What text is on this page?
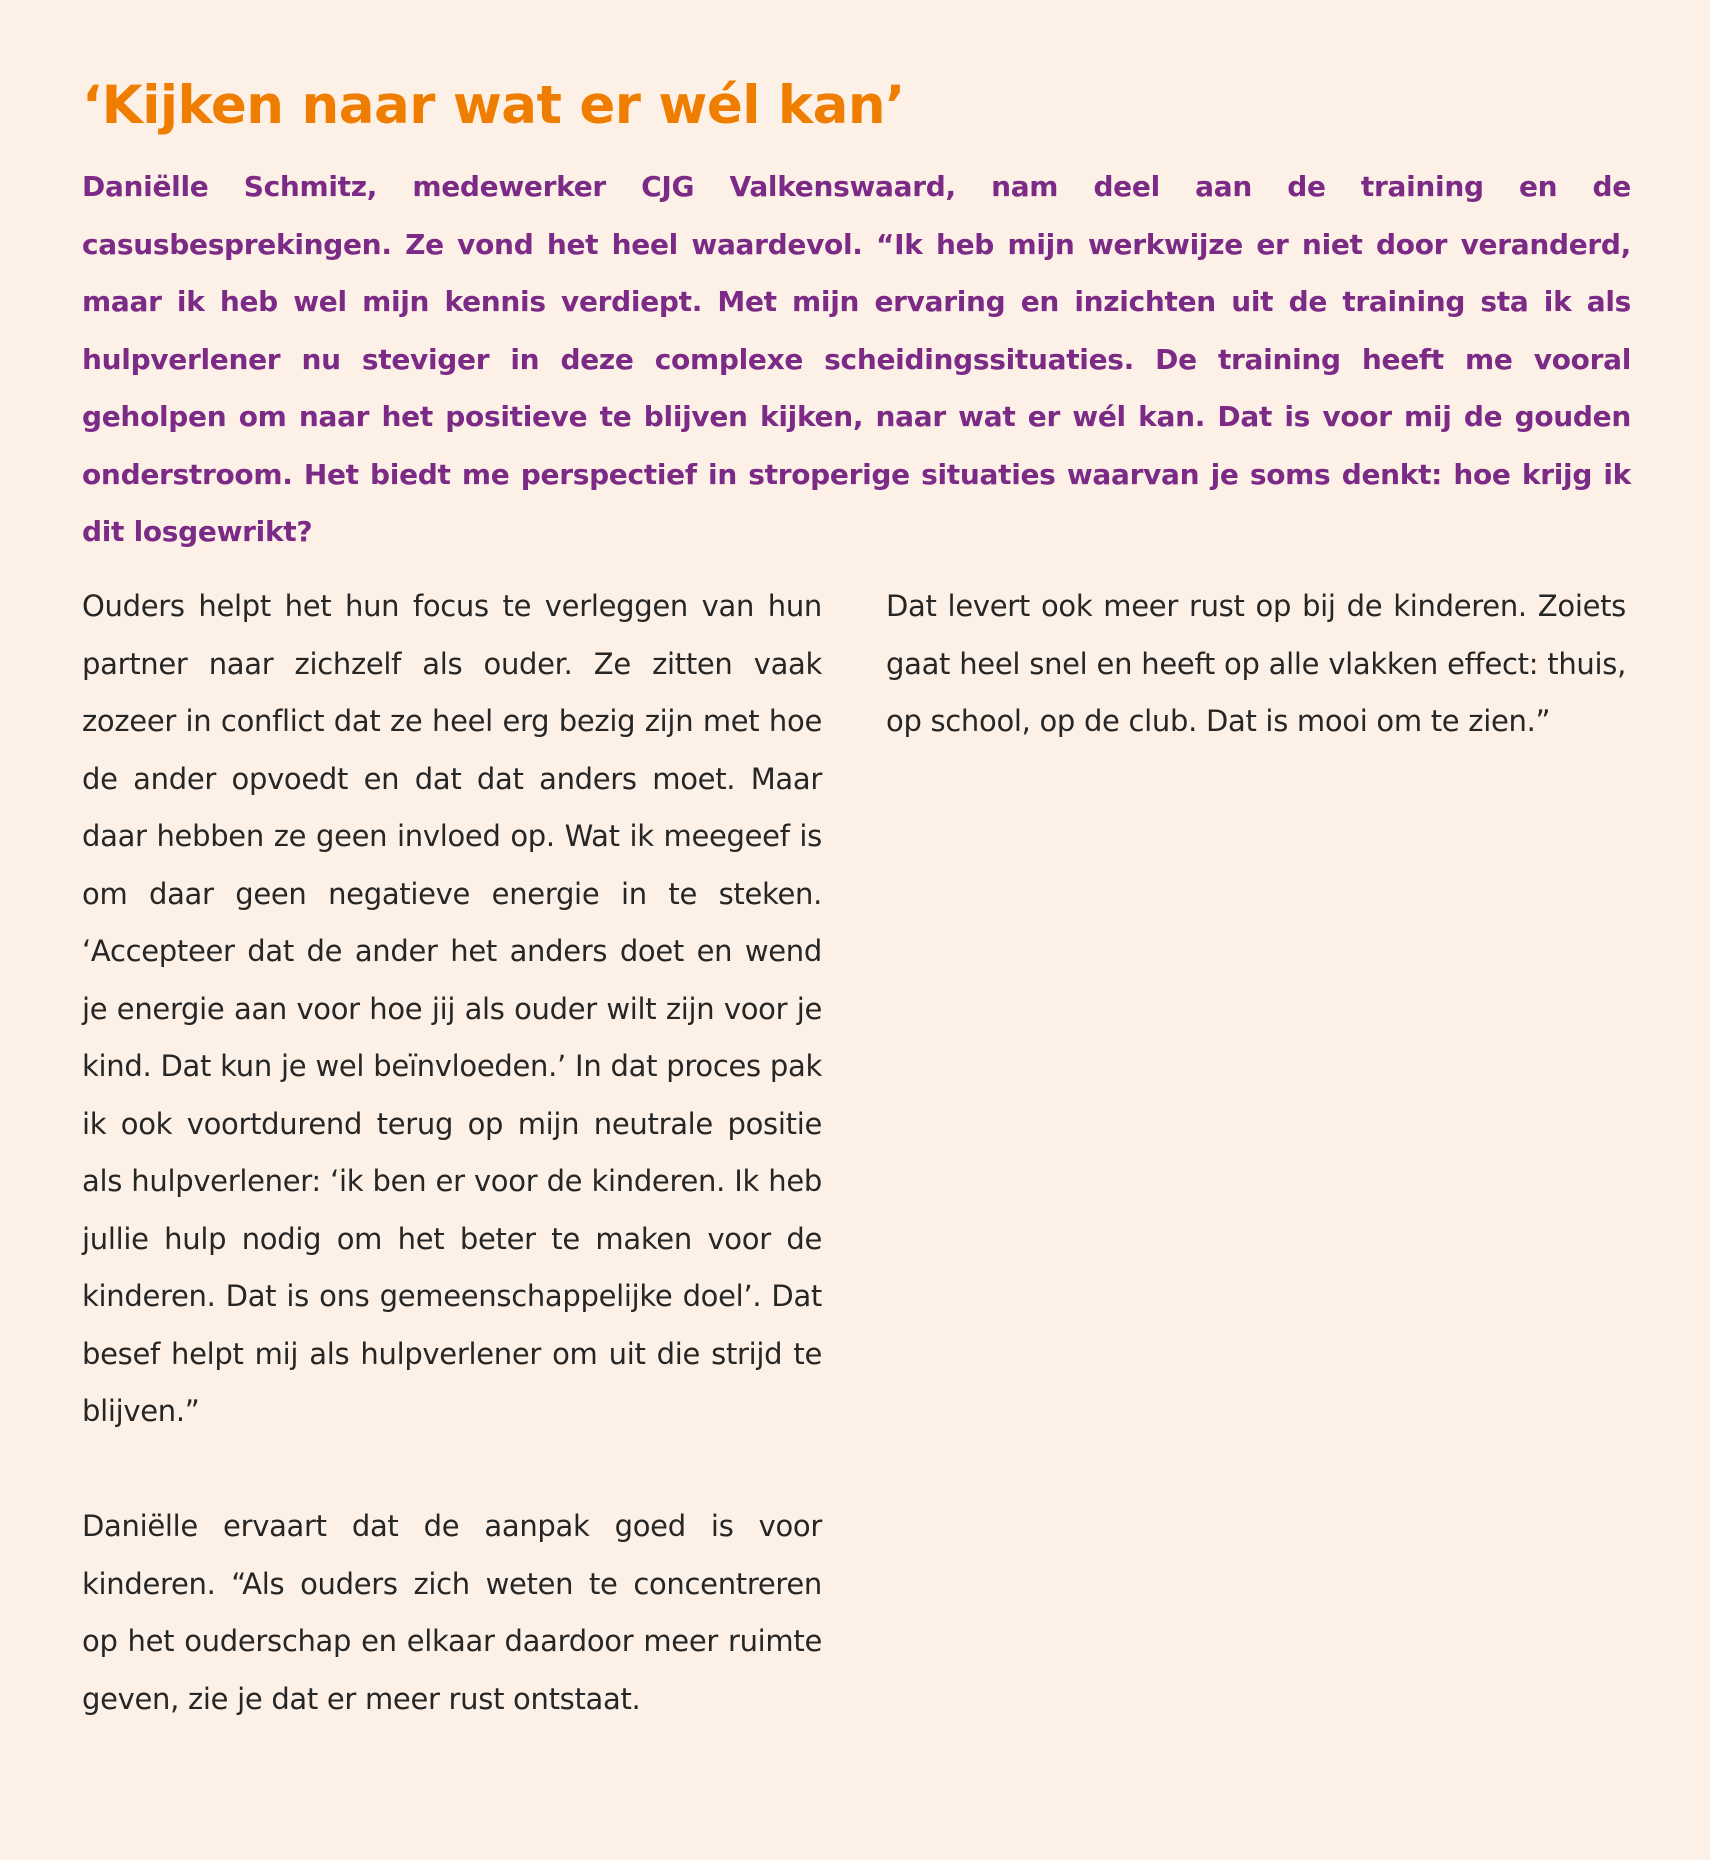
‘Kijken naar wat er wél kan’

Daniëlle Schmitz, medewerker CJG Valkenswaard, nam deel aan de training en de casusbesprekingen. Ze vond het heel waardevol. “Ik heb mijn werkwijze er niet door veranderd, maar ik heb wel mijn kennis verdiept. Met mijn ervaring en inzichten uit de training sta ik als hulpverlener nu steviger in deze complexe scheidingssituaties. De training heeft me vooral geholpen om naar het positieve te blijven kijken, naar wat er wél kan. Dat is voor mij de gouden onderstroom. Het biedt me perspectief in stroperige situaties waarvan je soms denkt: hoe krijg ik dit losgewrikt?

Ouders helpt het hun focus te verleggen van hun partner naar zichzelf als ouder. Ze zitten vaak zozeer in conflict dat ze heel erg bezig zijn met hoe de ander opvoedt en dat dat anders moet. Maar daar hebben ze geen invloed op. Wat ik meegeef is om daar geen negatieve energie in te steken. ‘Accepteer dat de ander het anders doet en wend je energie aan voor hoe jij als ouder wilt zijn voor je kind. Dat kun je wel beïnvloeden.’ In dat proces pak ik ook voortdurend terug op mijn neutrale positie als hulpverlener: ‘ik ben er voor de kinderen. Ik heb jullie hulp nodig om het beter te maken voor de kinderen. Dat is ons gemeenschappelijke doel’. Dat besef helpt mij als hulpverlener om uit die strijd te blijven.”

Daniëlle ervaart dat de aanpak goed is voor kinderen. “Als ouders zich weten te concentreren op het ouderschap en elkaar daardoor meer ruimte geven, zie je dat er meer rust ontstaat.

Dat levert ook meer rust op bij de kinderen. Zoiets gaat heel snel en heeft op alle vlakken effect: thuis, op school, op de club. Dat is mooi om te zien.”
